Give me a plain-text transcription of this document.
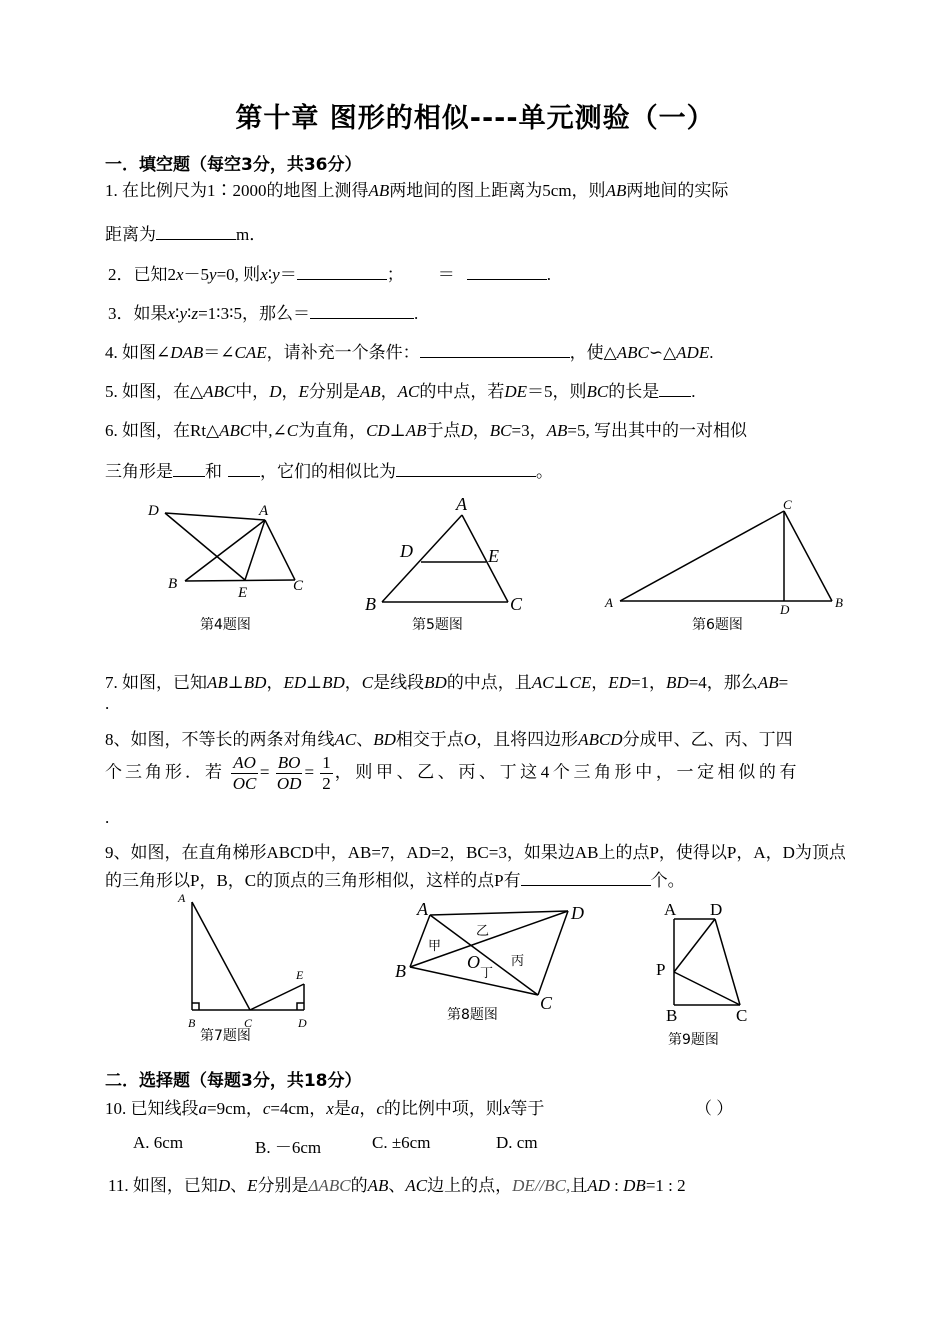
第十章 图形的相似----单元测验（一）
一．填空题（每空3分，共36分）
1. 在比例尺为1∶2000的地图上测得AB两地间的图上距离为5cm，则AB两地间的实际
距离为	m．
2．已知2x－5y=0, 则x∶y＝	； ＝	.
3．如果x∶y∶z=1∶3∶5，那么＝	.
4. 如图∠DAB＝∠CAE，请补充一个条件：	，使△ABC∽△ADE.
5. 如图，在△ABC中，D，E分别是AB，AC的中点，若DE＝5，则BC的长是 .
6. 如图，在Rt△ABC中,∠C为直角，CD⊥AB于点D，BC=3，AB=5, 写出其中的一对相似
三角形是 和 ，它们的相似比为	。
D	A
B
E	C
第4题图
A
D	E
B	C
第5题图
C
A	D	B
第6题图
7. 如图，已知AB⊥BD，ED⊥BD，C是线段BD的中点，且AC⊥CE，ED=1，BD=4，那么AB=
.
8、如图，不等长的两条对角线AC、BD相交于点O，且将四边形ABCD分成甲、乙、丙、丁四
个三角形．若 $\frac{AO}{OC} = \frac{BO}{OD} = \frac{1}{2}$ ，则甲、乙、丙、丁这4个三角形中，一定相似的有
.
9、如图，在直角梯形ABCD中，AB=7，AD=2，BC=3，如果边AB上的点P，使得以P，A，D为顶点
的三角形以P，B，C的顶点的三角形相似，这样的点P有	个。
A
B	C	D
E
第7题图
A	D
B
C
O
甲
乙
丙
丁
第8题图
A D
P
B	C
第9题图
二．选择题（每题3分，共18分）
10. 已知线段a=9cm，c=4cm，x是a，c的比例中项，则x等于	（ ）
A. 6cm	B. －6cm	C. ±6cm	D. cm
11. 如图，已知D、E分别是ΔABC的AB、AC边上的点，DE//BC,且AD : DB=1 : 2
